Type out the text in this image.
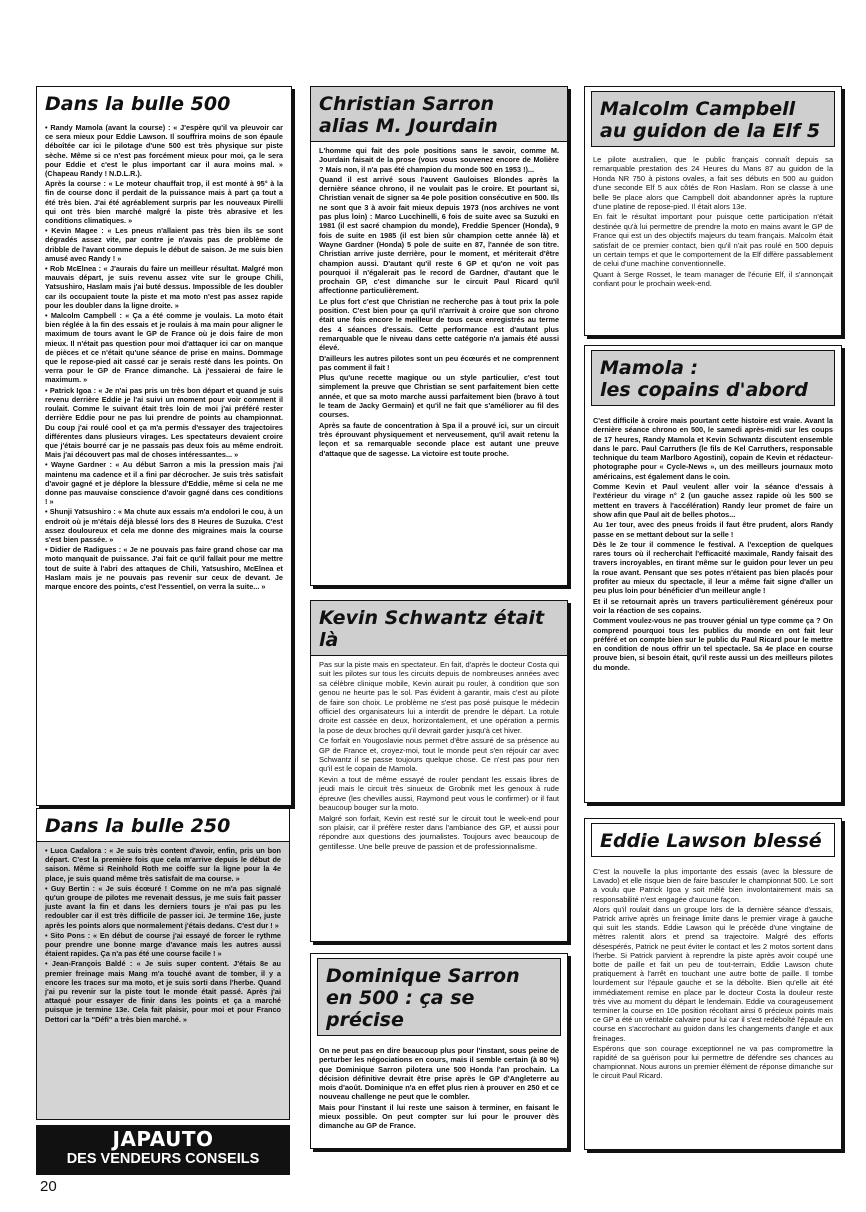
Dans la bulle 500

• Randy Mamola (avant la course) : « J'espère qu'il va pleuvoir car ce sera mieux pour Eddie Lawson. Il souffrira moins de son épaule déboîtée car ici le pilotage d'une 500 est très physique sur piste sèche. Même si ce n'est pas forcément mieux pour moi, ça le sera pour Eddie et c'est le plus important car il aura moins mal. » (Chapeau Randy ! N.D.L.R.).

Après la course : « Le moteur chauffait trop, il est monté à 95° à la fin de course donc il perdait de la puissance mais à part ça tout a été très bien. J'ai été agréablement surpris par les nouveaux Pirelli qui ont très bien marché malgré la piste très abrasive et les conditions climatiques. »

• Kevin Magee : « Les pneus n'allaient pas très bien ils se sont dégradés assez vite, par contre je n'avais pas de problème de dribble de l'avant comme depuis le début de saison. Je me suis bien amusé avec Randy ! »

• Rob McElnea : « J'aurais du faire un meilleur résultat. Malgré mon mauvais départ, je suis revenu assez vite sur le groupe Chili, Yatsushiro, Haslam mais j'ai buté dessus. Impossible de les doubler car ils occupaient toute la piste et ma moto n'est pas assez rapide pour les doubler dans la ligne droite. »

• Malcolm Campbell : « Ça a été comme je voulais. La moto était bien réglée à la fin des essais et je roulais à ma main pour aligner le maximum de tours avant le GP de France où je dois faire de mon mieux. Il n'était pas question pour moi d'attaquer ici car on manque de pièces et ce n'était qu'une séance de prise en mains. Dommage que le repose-pied ait cassé car je serais resté dans les points. On verra pour le GP de France dimanche. Là j'essaierai de faire le maximum. »

• Patrick Igoa : « Je n'ai pas pris un très bon départ et quand je suis revenu derrière Eddie je l'ai suivi un moment pour voir comment il roulait. Comme le suivant était très loin de moi j'ai préféré rester derrière Eddie pour ne pas lui prendre de points au championnat. Du coup j'ai roulé cool et ça m'a permis d'essayer des trajectoires différentes dans plusieurs virages. Les spectateurs devaient croire que j'étais bourré car je ne passais pas deux fois au même endroit. Mais j'ai découvert pas mal de choses intéressantes... »

• Wayne Gardner : « Au début Sarron a mis la pression mais j'ai maintenu ma cadence et il a fini par décrocher. Je suis très satisfait d'avoir gagné et je déplore la blessure d'Eddie, même si cela ne me donne pas mauvaise conscience d'avoir gagné dans ces conditions ! »

• Shunji Yatsushiro : « Ma chute aux essais m'a endolori le cou, à un endroit où je m'étais déjà blessé lors des 8 Heures de Suzuka. C'est assez douloureux et cela me donne des migraines mais la course s'est bien passée. »

• Didier de Radigues : « Je ne pouvais pas faire grand chose car ma moto manquait de puissance. J'ai fait ce qu'il fallait pour me mettre tout de suite à l'abri des attaques de Chili, Yatsushiro, McElnea et Haslam mais je ne pouvais pas revenir sur ceux de devant. Je marque encore des points, c'est l'essentiel, on verra la suite... »

Dans la bulle 250

• Luca Cadalora : « Je suis très content d'avoir, enfin, pris un bon départ. C'est la première fois que cela m'arrive depuis le début de saison. Même si Reinhold Roth me coiffe sur la ligne pour la 4e place, je suis quand même très satisfait de ma course. »

• Guy Bertin : « Je suis écœuré ! Comme on ne m'a pas signalé qu'un groupe de pilotes me revenait dessus, je me suis fait passer juste avant la fin et dans les derniers tours je n'ai pas pu les redoubler car il est très difficile de passer ici. Je termine 16e, juste après les points alors que normalement j'étais dedans. C'est dur ! »

• Sito Pons : « En début de course j'ai essayé de forcer le rythme pour prendre une bonne marge d'avance mais les autres aussi étaient rapides. Ça n'a pas été une course facile ! »

• Jean-François Baldé : « Je suis super content. J'étais 8e au premier freinage mais Mang m'a touché avant de tomber, il y a encore les traces sur ma moto, et je suis sorti dans l'herbe. Quand j'ai pu revenir sur la piste tout le monde était passé. Après j'ai attaqué pour essayer de finir dans les points et ça a marché puisque je termine 13e. Cela fait plaisir, pour moi et pour Franco Dettori car la "Défi" a très bien marché. »

JAPAUTO
DES VENDEURS CONSEILS
20
Christian Sarron
alias M. Jourdain

L'homme qui fait des pole positions sans le savoir, comme M. Jourdain faisait de la prose (vous vous souvenez encore de Molière ? Mais non, il n'a pas été champion du monde 500 en 1953 !)...

Quand il est arrivé sous l'auvent Gauloises Blondes après la dernière séance chrono, il ne voulait pas le croire. Et pourtant si, Christian venait de signer sa 4e pole position consécutive en 500. Ils ne sont que 3 à avoir fait mieux depuis 1973 (nos archives ne vont pas plus loin) : Marco Lucchinelli, 6 fois de suite avec sa Suzuki en 1981 (il est sacré champion du monde), Freddie Spencer (Honda), 9 fois de suite en 1985 (il est bien sûr champion cette année là) et Wayne Gardner (Honda) 5 pole de suite en 87, l'année de son titre. Christian arrive juste derrière, pour le moment, et mériterait d'être champion aussi. D'autant qu'il reste 6 GP et qu'on ne voit pas pourquoi il n'égalerait pas le record de Gardner, d'autant que le prochain GP, c'est dimanche sur le circuit Paul Ricard qu'il affectionne particulièrement.

Le plus fort c'est que Christian ne recherche pas à tout prix la pole position. C'est bien pour ça qu'il n'arrivait à croire que son chrono était une fois encore le meilleur de tous ceux enregistrés au terme des 4 séances d'essais. Cette performance est d'autant plus remarquable que le niveau dans cette catégorie n'a jamais été aussi élevé.

D'ailleurs les autres pilotes sont un peu écœurés et ne comprennent pas comment il fait !

Plus qu'une recette magique ou un style particulier, c'est tout simplement la preuve que Christian se sent parfaitement bien cette année, et que sa moto marche aussi parfaitement bien (bravo à tout le team de Jacky Germain) et qu'il ne fait que s'améliorer au fil des courses.

Après sa faute de concentration à Spa il a prouvé ici, sur un circuit très éprouvant physiquement et nerveusement, qu'il avait retenu la leçon et sa remarquable seconde place est autant une preuve d'attaque que de sagesse. La victoire est toute proche.

Kevin Schwantz était là

Pas sur la piste mais en spectateur. En fait, d'après le docteur Costa qui suit les pilotes sur tous les circuits depuis de nombreuses années avec sa célèbre clinique mobile, Kevin aurait pu rouler, à condition que son genou ne heurte pas le sol. Pas évident à garantir, mais c'est au pilote de faire son choix. Le problème ne s'est pas posé puisque le médecin officiel des organisateurs lui a interdit de prendre le départ. La rotule droite est cassée en deux, horizontalement, et une opération a permis la pose de deux broches qu'il devrait garder jusqu'à cet hiver.

Ce forfait en Yougoslavie nous permet d'être assuré de sa présence au GP de France et, croyez-moi, tout le monde peut s'en réjouir car avec Schwantz il se passe toujours quelque chose. Ce n'est pas pour rien qu'il est le copain de Mamola.

Kevin a tout de même essayé de rouler pendant les essais libres de jeudi mais le circuit très sinueux de Grobnik met les genoux à rude épreuve (les chevilles aussi, Raymond peut vous le confirmer) or il faut beaucoup bouger sur la moto.

Malgré son forfait, Kevin est resté sur le circuit tout le week-end pour son plaisir, car il préfère rester dans l'ambiance des GP, et aussi pour répondre aux questions des journalistes. Toujours avec beaucoup de gentillesse. Une belle preuve de passion et de professionnalisme.

Dominique Sarron
en 500 : ça se précise

On ne peut pas en dire beaucoup plus pour l'instant, sous peine de perturber les négociations en cours, mais il semble certain (à 80 %) que Dominique Sarron pilotera une 500 Honda l'an prochain. La décision définitive devrait être prise après le GP d'Angleterre au mois d'août. Dominique n'a en effet plus rien à prouver en 250 et ce nouveau challenge ne peut que le combler.

Mais pour l'instant il lui reste une saison à terminer, en faisant le mieux possible. On peut compter sur lui pour le prouver dès dimanche au GP de France.

Malcolm Campbell
au guidon de la Elf 5

Le pilote australien, que le public français connaît depuis sa remarquable prestation des 24 Heures du Mans 87 au guidon de la Honda NR 750 à pistons ovales, a fait ses débuts en 500 au guidon d'une seconde Elf 5 aux côtés de Ron Haslam. Ron se classe à une belle 9e place alors que Campbell doit abandonner après la rupture d'une platine de repose-pied. Il était alors 13e.

En fait le résultat important pour puisque cette participation n'était destinée qu'à lui permettre de prendre la moto en mains avant le GP de France qui est un des objectifs majeurs du team français. Malcolm était satisfait de ce premier contact, bien qu'il n'ait pas roulé en 500 depuis un certain temps et que le comportement de la Elf diffère passablement de celui d'une machine conventionnelle.

Quant à Serge Rosset, le team manager de l'écurie Elf, il s'annonçait confiant pour le prochain week-end.

Mamola :
les copains d'abord

C'est difficile à croire mais pourtant cette histoire est vraie. Avant la dernière séance chrono en 500, le samedi après-midi sur les coups de 17 heures, Randy Mamola et Kevin Schwantz discutent ensemble dans le parc. Paul Carruthers (le fils de Kel Carruthers, responsable technique du team Marlboro Agostini), copain de Kevin et rédacteur-photographe pour « Cycle-News », un des meilleurs journaux moto américains, est également dans le coin.

Comme Kevin et Paul veulent aller voir la séance d'essais à l'extérieur du virage n° 2 (un gauche assez rapide où les 500 se mettent en travers à l'accélération) Randy leur promet de faire un show afin que Paul ait de belles photos...

Au 1er tour, avec des pneus froids il faut être prudent, alors Randy passe en se mettant debout sur la selle !

Dès le 2e tour il commence le festival. A l'exception de quelques rares tours où il recherchait l'efficacité maximale, Randy faisait des travers incroyables, en tirant même sur le guidon pour lever un peu la roue avant. Pensant que ses potes n'étaient pas bien placés pour profiter au mieux du spectacle, il leur a même fait signe d'aller un peu plus loin pour bénéficier d'un meilleur angle !

Et il se retournait après un travers particulièrement généreux pour voir la réaction de ses copains.

Comment voulez-vous ne pas trouver génial un type comme ça ? On comprend pourquoi tous les publics du monde en ont fait leur préféré et on compte bien sur le public du Paul Ricard pour le mettre en condition de nous offrir un tel spectacle. Sa 4e place en course prouve bien, si besoin était, qu'il reste aussi un des meilleurs pilotes du monde.

Eddie Lawson blessé

C'est la nouvelle la plus importante des essais (avec la blessure de Lavado) et elle risque bien de faire basculer le championnat 500. Le sort a voulu que Patrick Igoa y soit mêlé bien involontairement mais sa responsabilité n'est engagée d'aucune façon.

Alors qu'il roulait dans un groupe lors de la dernière séance d'essais, Patrick arrive après un freinage limite dans le premier virage à gauche qui suit les stands. Eddie Lawson qui le précède d'une vingtaine de mètres ralentit alors et prend sa trajectoire. Malgré des efforts désespérés, Patrick ne peut éviter le contact et les 2 motos sortent dans l'herbe. Si Patrick parvient à reprendre la piste après avoir coupé une botte de paille et fait un peu de tout-terrain, Eddie Lawson chute pratiquement à l'arrêt en touchant une autre botte de paille. Il tombe lourdement sur l'épaule gauche et se la déboîte. Bien qu'elle ait été immédiatement remise en place par le docteur Costa la douleur reste très vive au moment du départ le lendemain. Eddie va courageusement terminer la course en 10e position récoltant ainsi 6 précieux points mais ce GP a été un véritable calvaire pour lui car il s'est redéboîté l'épaule en course en s'accrochant au guidon dans les changements d'angle et aux freinages.

Espérons que son courage exceptionnel ne va pas compromettre la rapidité de sa guérison pour lui permettre de défendre ses chances au championnat. Nous aurons un premier élément de réponse dimanche sur le circuit Paul Ricard.
